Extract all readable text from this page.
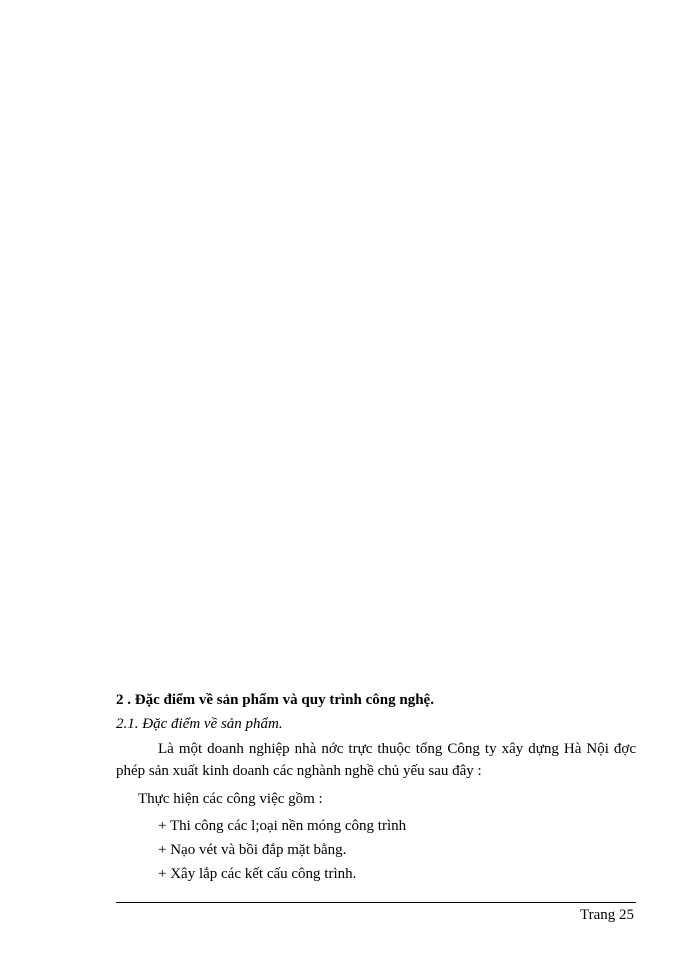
2 . Đặc điểm về sản phẩm và quy trình công nghệ.

2.1. Đặc điểm về sản phẩm.

Là một doanh nghiệp nhà nớc trực thuộc tổng Công ty xây dựng Hà Nội đợc phép sản xuất kinh doanh các nghành nghề chủ yếu sau đây :

Thực hiện các công việc gồm :

+ Thi công các l;oại nền móng công trình
+ Nạo vét và bồi đắp mặt bằng.
+ Xây lắp các kết cấu công trình.
Trang 25
